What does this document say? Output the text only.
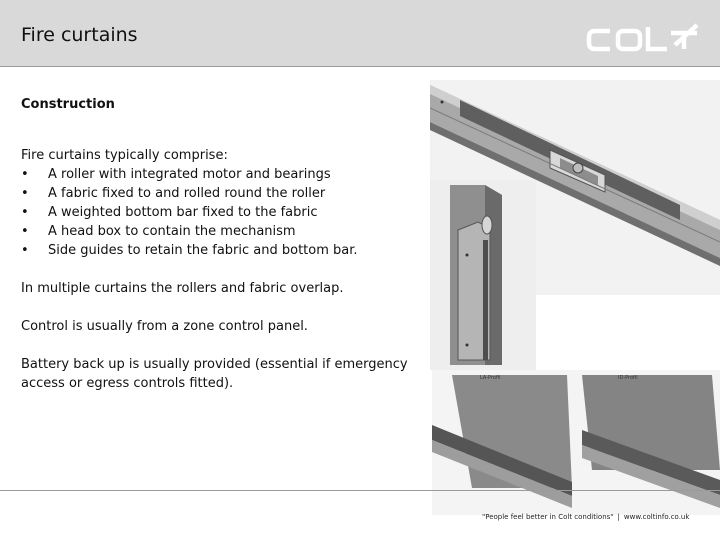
Fire curtains
Construction

Fire curtains typically comprise:

• A roller with integrated motor and bearings
• A fabric fixed to and rolled round the roller
• A weighted bottom bar fixed to the fabric
• A head box to contain the mechanism
• Side guides to retain the fabric and bottom bar.

In multiple curtains the rollers and fabric overlap.

Control is usually from a zone control panel.

Battery back up is usually provided (essential if emergency access or egress controls fitted).	LA-Profil	ID-Profil
"People feel better in Colt conditions" | www.coltinfo.co.uk
